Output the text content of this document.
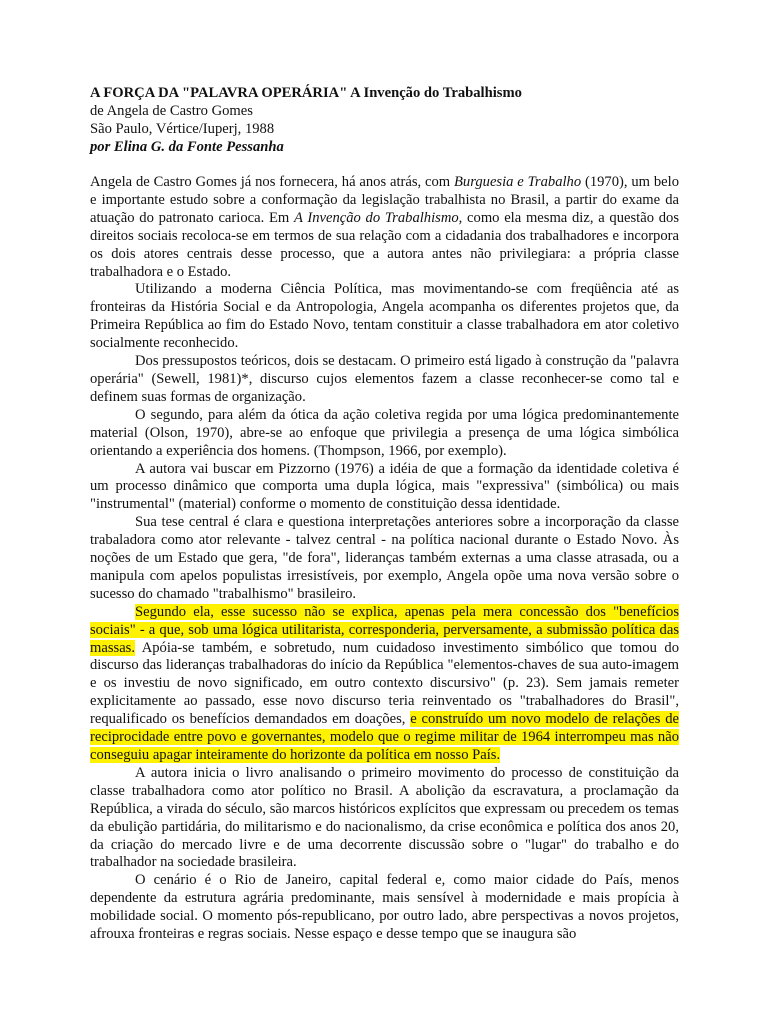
A FORÇA DA "PALAVRA OPERÁRIA" A Invenção do Trabalhismo

de Angela de Castro Gomes

São Paulo, Vértice/Iuperj, 1988

por Elina G. da Fonte Pessanha

Angela de Castro Gomes já nos fornecera, há anos atrás, com Burguesia e Trabalho (1970), um belo e importante estudo sobre a conformação da legislação trabalhista no Brasil, a partir do exame da atuação do patronato carioca. Em A Invenção do Trabalhismo, como ela mesma diz, a questão dos direitos sociais recoloca-se em termos de sua relação com a cidadania dos trabalhadores e incorpora os dois atores centrais desse processo, que a autora antes não privilegiara: a própria classe trabalhadora e o Estado.

Utilizando a moderna Ciência Política, mas movimentando-se com freqüência até as fronteiras da História Social e da Antropologia, Angela acompanha os diferentes projetos que, da Primeira República ao fim do Estado Novo, tentam constituir a classe trabalhadora em ator coletivo socialmente reconhecido.

Dos pressupostos teóricos, dois se destacam. O primeiro está ligado à construção da "palavra operária" (Sewell, 1981)*, discurso cujos elementos fazem a classe reconhecer-se como tal e definem suas formas de organização.

O segundo, para além da ótica da ação coletiva regida por uma lógica predominantemente material (Olson, 1970), abre-se ao enfoque que privilegia a presença de uma lógica simbólica orientando a experiência dos homens. (Thompson, 1966, por exemplo).

A autora vai buscar em Pizzorno (1976) a idéia de que a formação da identidade coletiva é um processo dinâmico que comporta uma dupla lógica, mais "expressiva" (simbólica) ou mais "instrumental" (material) conforme o momento de constituição dessa identidade.

Sua tese central é clara e questiona interpretações anteriores sobre a incorporação da classe trabaladora como ator relevante - talvez central - na política nacional durante o Estado Novo. Às noções de um Estado que gera, "de fora", lideranças também externas a uma classe atrasada, ou a manipula com apelos populistas irresistíveis, por exemplo, Angela opõe uma nova versão sobre o sucesso do chamado "trabalhismo" brasileiro.

Segundo ela, esse sucesso não se explica, apenas pela mera concessão dos "benefícios sociais" - a que, sob uma lógica utilitarista, corresponderia, perversamente, a submissão política das massas. Apóia-se também, e sobretudo, num cuidadoso investimento simbólico que tomou do discurso das lideranças trabalhadoras do início da República "elementos-chaves de sua auto-imagem e os investiu de novo significado, em outro contexto discursivo" (p. 23). Sem jamais remeter explicitamente ao passado, esse novo discurso teria reinventado os "trabalhadores do Brasil", requalificado os benefícios demandados em doações, e construído um novo modelo de relações de reciprocidade entre povo e governantes, modelo que o regime militar de 1964 interrompeu mas não conseguiu apagar inteiramente do horizonte da política em nosso País.

A autora inicia o livro analisando o primeiro movimento do processo de constituição da classe trabalhadora como ator político no Brasil. A abolição da escravatura, a proclamação da República, a virada do século, são marcos históricos explícitos que expressam ou precedem os temas da ebulição partidária, do militarismo e do nacionalismo, da crise econômica e política dos anos 20, da criação do mercado livre e de uma decorrente discussão sobre o "lugar" do trabalho e do trabalhador na sociedade brasileira.

O cenário é o Rio de Janeiro, capital federal e, como maior cidade do País, menos dependente da estrutura agrária predominante, mais sensível à modernidade e mais propícia à mobilidade social. O momento pós-republicano, por outro lado, abre perspectivas a novos projetos, afrouxa fronteiras e regras sociais. Nesse espaço e desse tempo que se inaugura são
